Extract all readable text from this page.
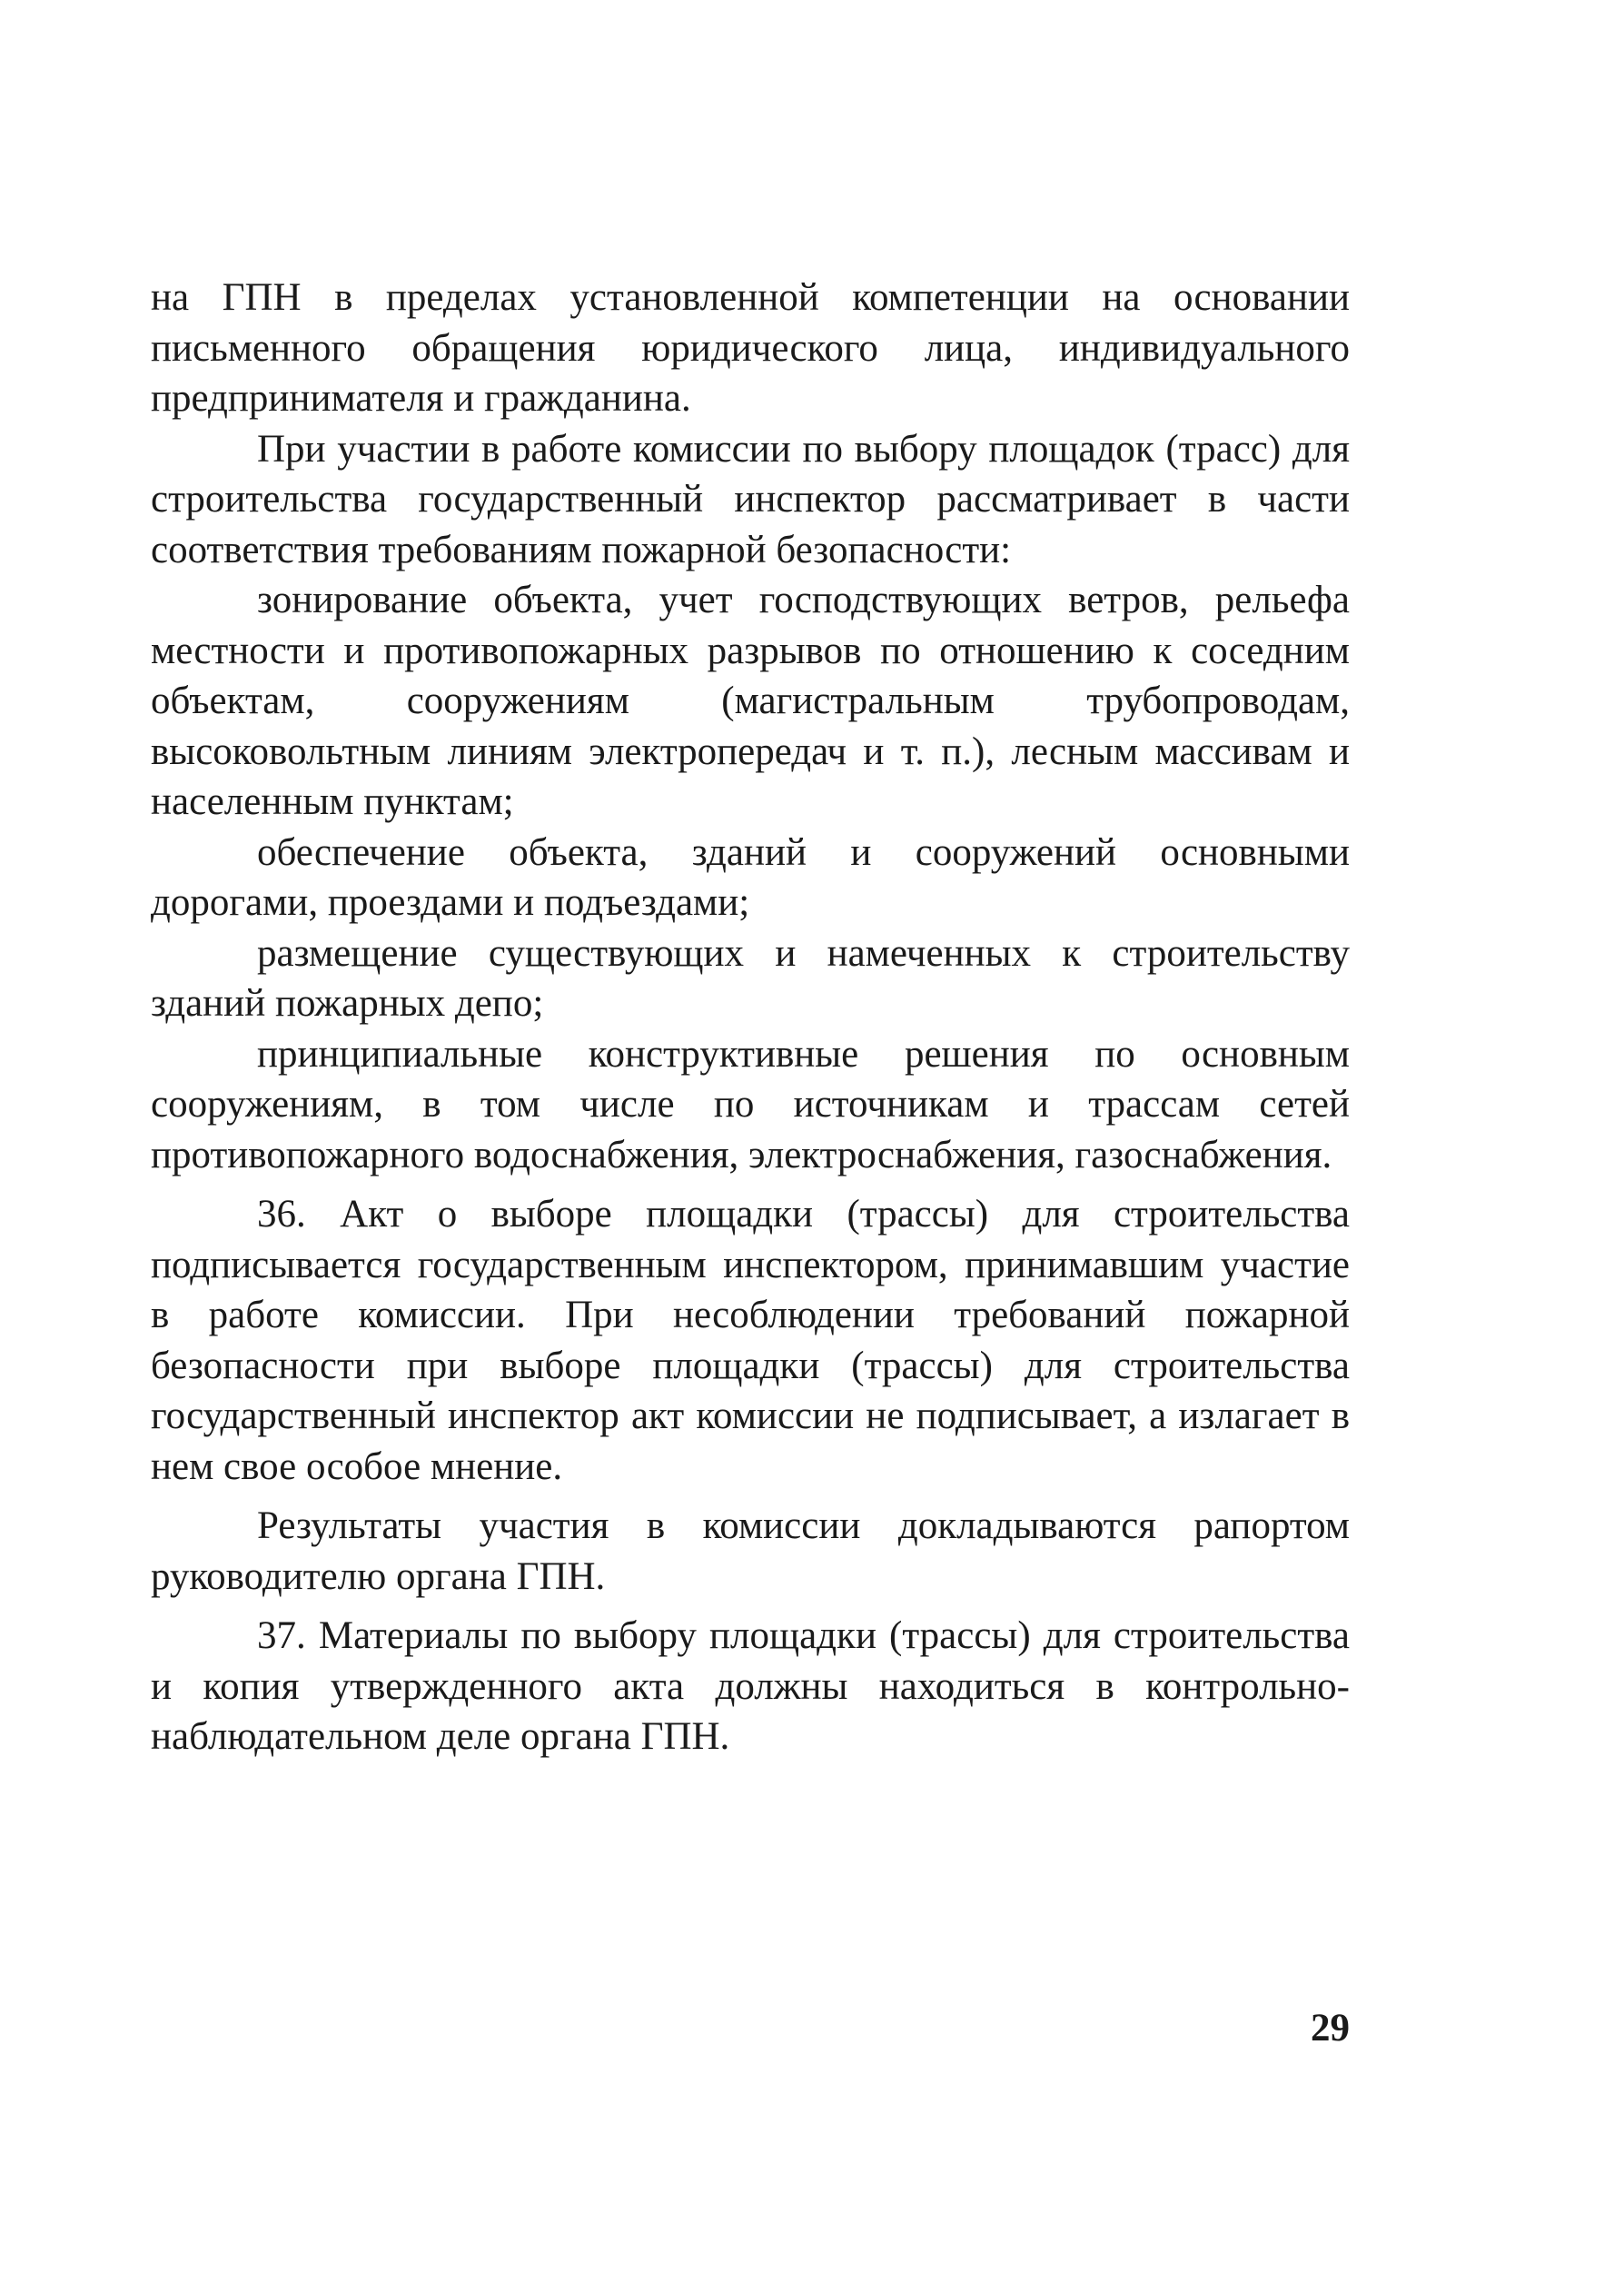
на ГПН в пределах установленной компетенции на основании письменного обращения юридического лица, индивидуального предпринимателя и гражданина.

При участии в работе комиссии по выбору площадок (трасс) для строительства государственный инспектор рассматривает в части соответствия требованиям пожарной безопасности:

зонирование объекта, учет господствующих ветров, рельефа местности и противопожарных разрывов по отношению к соседним объектам, сооружениям (магистральным трубопроводам, высоковольтным линиям электропередач и т. п.), лесным массивам и населенным пунктам;

обеспечение объекта, зданий и сооружений основными дорогами, проездами и подъездами;

размещение существующих и намеченных к строительству зданий пожарных депо;

принципиальные конструктивные решения по основным сооружениям, в том числе по источникам и трассам сетей противопожарного водоснабжения, электроснабжения, газоснабжения.

36. Акт о выборе площадки (трассы) для строительства подписывается государственным инспектором, принимавшим участие в работе комиссии. При несоблюдении требований пожарной безопасности при выборе площадки (трассы) для строительства государственный инспектор акт комиссии не подписывает, а излагает в нем свое особое мнение.

Результаты участия в комиссии докладываются рапортом руководителю органа ГПН.

37. Материалы по выбору площадки (трассы) для строительства и копия утвержденного акта должны находиться в контрольно-наблюдательном деле органа ГПН.

29
